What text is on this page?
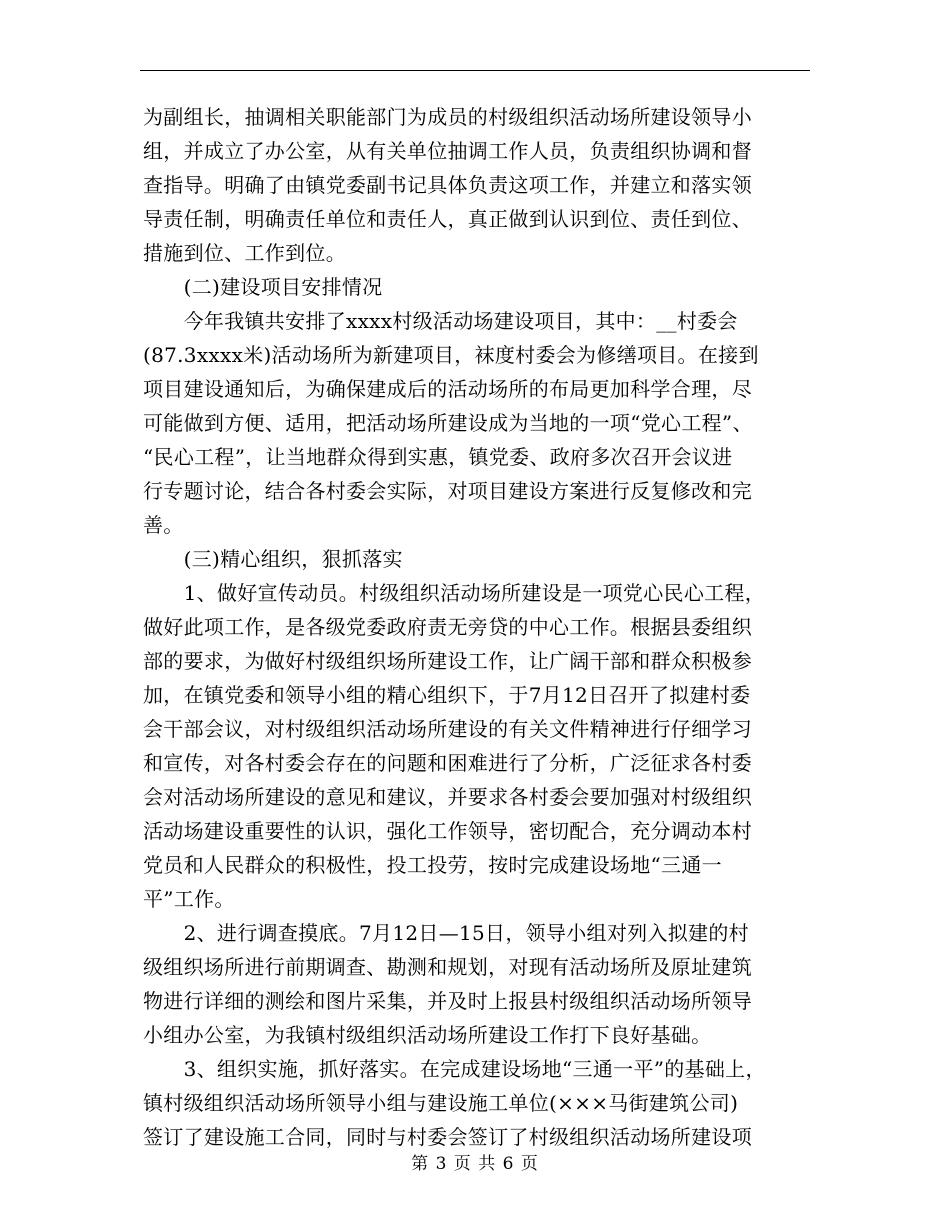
为副组长，抽调相关职能部门为成员的村级组织活动场所建设领导小
组，并成立了办公室，从有关单位抽调工作人员，负责组织协调和督
查指导。明确了由镇党委副书记具体负责这项工作，并建立和落实领
导责任制，明确责任单位和责任人，真正做到认识到位、责任到位、
措施到位、工作到位。
　　(二)建设项目安排情况
　　今年我镇共安排了xxxx村级活动场建设项目，其中：__村委会
(87.3xxxx米)活动场所为新建项目，袜度村委会为修缮项目。在接到
项目建设通知后，为确保建成后的活动场所的布局更加科学合理，尽
可能做到方便、适用，把活动场所建设成为当地的一项“党心工程”、
“民心工程”，让当地群众得到实惠，镇党委、政府多次召开会议进
行专题讨论，结合各村委会实际，对项目建设方案进行反复修改和完
善。
　　(三)精心组织，狠抓落实
　　1、做好宣传动员。村级组织活动场所建设是一项党心民心工程，
做好此项工作，是各级党委政府责无旁贷的中心工作。根据县委组织
部的要求，为做好村级组织场所建设工作，让广阔干部和群众积极参
加，在镇党委和领导小组的精心组织下，于7月12日召开了拟建村委
会干部会议，对村级组织活动场所建设的有关文件精神进行仔细学习
和宣传，对各村委会存在的问题和困难进行了分析，广泛征求各村委
会对活动场所建设的意见和建议，并要求各村委会要加强对村级组织
活动场建设重要性的认识，强化工作领导，密切配合，充分调动本村
党员和人民群众的积极性，投工投劳，按时完成建设场地“三通一
平”工作。
　　2、进行调查摸底。7月12日—15日，领导小组对列入拟建的村
级组织场所进行前期调查、勘测和规划，对现有活动场所及原址建筑
物进行详细的测绘和图片采集，并及时上报县村级组织活动场所领导
小组办公室，为我镇村级组织活动场所建设工作打下良好基础。
　　3、组织实施，抓好落实。在完成建设场地“三通一平”的基础上，
镇村级组织活动场所领导小组与建设施工单位(×××马街建筑公司)
签订了建设施工合同，同时与村委会签订了村级组织活动场所建设项
第 3 页 共 6 页
